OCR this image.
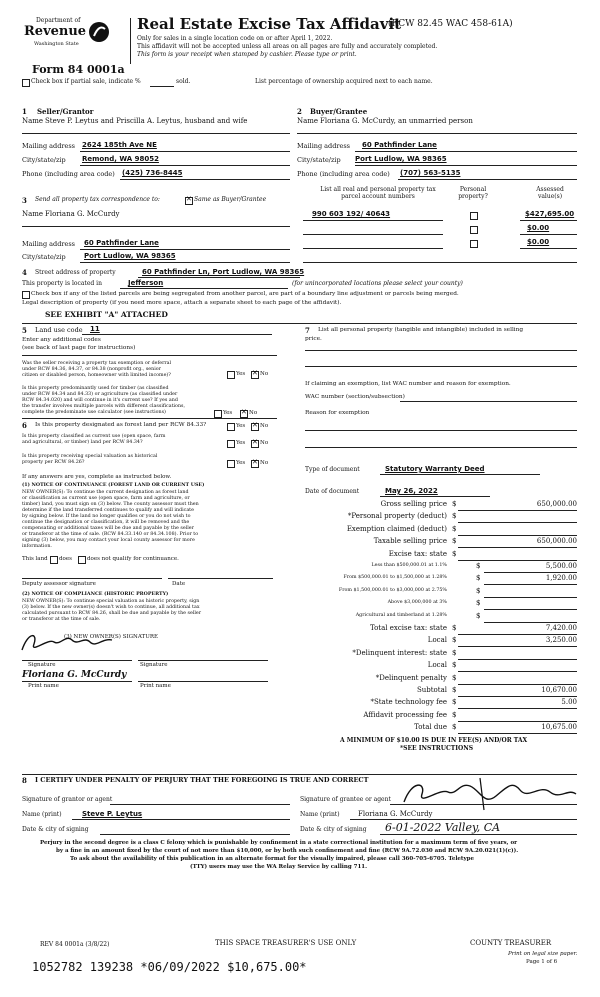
Department of
Revenue
Washington State
Real Estate Excise Tax Affidavit
(RCW 82.45 WAC 458-61A)
Only for sales in a single location code on or after April 1, 2022.
This affidavit will not be accepted unless all areas on all pages are fully and accurately completed.
This form is your receipt when stamped by cashier. Please type or print.
Form 84 0001a
Check box if partial sale, indicate %	sold.	List percentage of ownership acquired next to each name.
1 Seller/Grantor
Name Steve P. Leytus and Priscilla A. Leytus, husband and wife
2 Buyer/Grantee
Name Floriana G. McCurdy, an unmarried person
Mailing address 2624 185th Ave NE
City/state/zip Remond, WA 98052
Phone (including area code) (425) 736-8445
Mailing address 60 Pathfinder Lane
City/state/zip Port Ludlow, WA 98365
Phone (including area code) (707) 563-5135
3 Send all property tax correspondence to: ✕	Same as Buyer/Grantee
Name Floriana G. McCurdy
Mailing address 60 Pathfinder Lane
City/state/zip	Port Ludlow, WA 98365
List all real and personal property tax parcel account numbers
Personal property?
Assessed value(s)
990 603 192/ 40643	$427,695.00
$0.00
$0.00
4 Street address of property	60 Pathfinder Ln, Port Ludlow, WA 98365
This property is located in	Jefferson	(for unincorporated locations please select your county)
Check box if any of the listed parcels are being segregated from another parcel, are part of a boundary line adjustment or parcels being merged.
Legal description of property (if you need more space, attach a separate sheet to each page of the affidavit).
SEE EXHIBIT "A" ATTACHED
5 Land use code 11
Enter any additional codes
(see back of last page for instructions)
Was the seller receiving a property tax exemption or deferral
under RCW 84.36, 84.37, or 84.38 (nonprofit org., senior
citizen or disabled person, homeowner with limited income)?	Yes ✕	No
Is this property predominantly used for timber (as classified
under RCW 84.34 and 84.33) or agriculture (as classified under
RCW 84.34.020) and will continue in it's current use? If yes and
the transfer involves multiple parcels with different classifications,
complete the predominate use calculator (see instructions)	Yes ✕	No
6 Is this property designated as forest land per RCW 84.33?	Yes ✕	No
Is this property classified as current use (open space, farm
and agricultural, or timber) land per RCW 84.34?	Yes ✕	No
Is this property receiving special valuation as historical
property per RCW 84.26?	Yes ✕	No
If any answers are yes, complete as instructed below.
(1) NOTICE OF CONTINUANCE (FOREST LAND OR CURRENT USE)
NEW OWNER(S): To continue the current designation as forest land
or classification as current use (open space, farm and agriculture, or
timber) land, you must sign on (3) below. The county assessor must then
determine if the land transferred continues to qualify and will indicate
by signing below. If the land no longer qualifies or you do not wish to
continue the designation or classification, it will be removed and the
compensating or additional taxes will be due and payable by the seller
or transferor at the time of sale. (RCW 84.33.140 or 84.34.108). Prior to
signing (3) below, you may contact your local county assessor for more
information.
This land does	does not qualify for continuance.
Deputy assessor signature	Date
(2) NOTICE OF COMPLIANCE (HISTORIC PROPERTY)
NEW OWNER(S): To continue special valuation as historic property, sign
(3) below. If the new owner(s) doesn't wish to continue, all additional tax
calculated pursuant to RCW 84.26, shall be due and payable by the seller
or transferor at the time of sale.
(3) NEW OWNER(S) SIGNATURE
Signature	Signature
Floriana G. McCurdy
Print name	Print name
7 List all personal property (tangible and intangible) included in selling
price.
If claiming an exemption, list WAC number and reason for exemption.
WAC number (section/subsection)
Reason for exemption
Type of document	Statutory Warranty Deed
Date of document	May 26, 2022
Gross selling price $	650,000.00
*Personal property (deduct) $
Exemption claimed (deduct) $
Taxable selling price $	650,000.00
Excise tax: state $
Less than $500,000.01 at 1.1%	$	5,500.00
From $500,000.01 to $1,500,000 at 1.28%	$	1,920.00
From $1,500,000.01 to $3,000,000 at 2.75%	$
Above $3,000,000 at 3%	$
Agricultural and timberland at 1.28%	$
Total excise tax: state $	7,420.00
Local $	3,250.00
*Delinquent interest: state $
Local $
*Delinquent penalty $
Subtotal $	10,670.00
*State technology fee $	5.00
Affidavit processing fee $
Total due $	10,675.00
A MINIMUM OF $10.00 IS DUE IN FEE(S) AND/OR TAX
*SEE INSTRUCTIONS
8 I CERTIFY UNDER PENALTY OF PERJURY THAT THE FOREGOING IS TRUE AND CORRECT
Signature of grantor or agent	Signature of grantee or agent
Name (print)	Steve P. Leytus	Name (print)	Floriana G. McCurdy
Date & city of signing	Date & city of signing 6-01-2022 Valley, CA
Perjury in the second degree is a class C felony which is punishable by confinement in a state correctional institution for a maximum term of five years, or
by a fine in an amount fixed by the court of not more than $10,000, or by both such confinement and fine (RCW 9A.72.030 and RCW 9A.20.021(1)(c)).
To ask about the availability of this publication in an alternate format for the visually impaired, please call 360-705-6705. Teletype
(TTY) users may use the WA Relay Service by calling 711.
REV 84 0001a (3/8/22)	THIS SPACE TREASURER'S USE ONLY	COUNTY TREASURER
Print on legal size paper.
Page 1 of 6
1052782 139238 *06/09/2022 $10,675.00*
